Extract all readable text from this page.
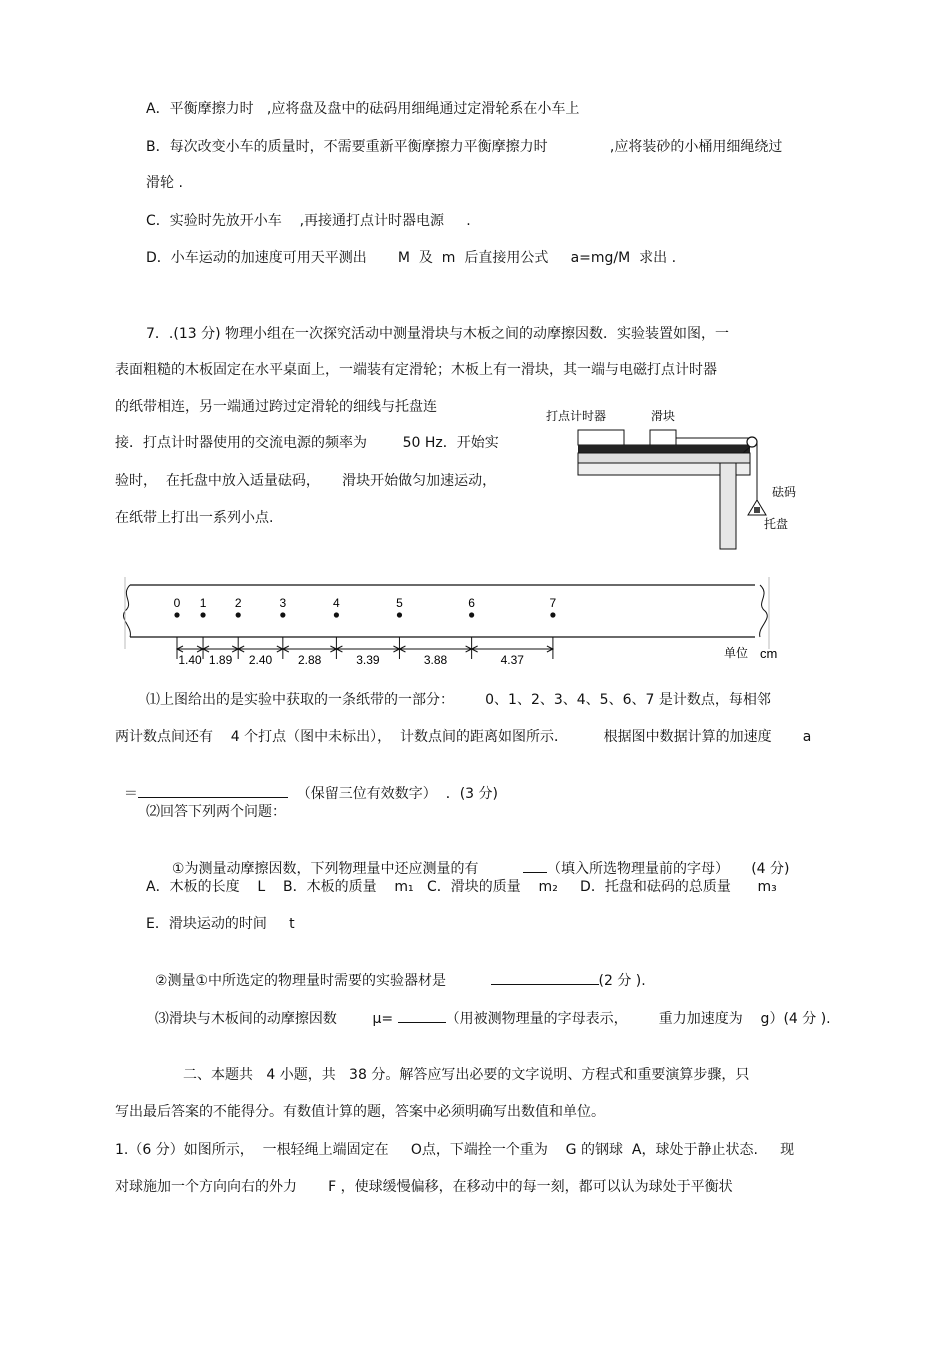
A．平衡摩擦力时   ,应将盘及盘中的砝码用细绳通过定滑轮系在小车上
B．每次改变小车的质量时，不需要重新平衡摩擦力平衡摩擦力时              ,应将装砂的小桶用细绳绕过
滑轮 .
C．实验时先放开小车    ,再接通打点计时器电源     .
D．小车运动的加速度可用天平测出       M  及  m  后直接用公式     a=mg/M  求出 .
7．.(13 分) 物理小组在一次探究活动中测量滑块与木板之间的动摩擦因数．实验装置如图，一
表面粗糙的木板固定在水平桌面上，一端装有定滑轮；木板上有一滑块，其一端与电磁打点计时器
的纸带相连，另一端通过跨过定滑轮的细线与托盘连
接．打点计时器使用的交流电源的频率为        50 Hz．开始实
验时，  在托盘中放入适量砝码，     滑块开始做匀加速运动，
在纸带上打出一系列小点.
打点计时器	滑块
砝码
托盘
0 1 2	3	4	5	6	7
1.40 1.89 2.40 2.88	3.39	3.88	4.37	单位 cm
⑴上图给出的是实验中获取的一条纸带的一部分：       0、1、2、3、4、5、6、7 是计数点，每相邻
两计数点间还有    4 个打点（图中未标出），  计数点间的距离如图所示．        根据图中数据计算的加速度       a

＝	（保留三位有效数字）  ．(3 分)

⑵回答下列两个问题：

①为测量动摩擦因数，下列物理量中还应测量的有          （填入所选物理量前的字母）     (4 分)

A．木板的长度    L    B．木板的质量    m₁   C．滑块的质量    m₂     D．托盘和砝码的总质量      m₃
E．滑块运动的时间     t

②测量①中所选定的物理量时需要的实验器材是	(2 分 ).

⑶滑块与木板间的动摩擦因数        μ=	（用被测物理量的字母表示，       重力加速度为    g）(4 分 ).

二、本题共   4 小题，共   38 分。解答应写出必要的文字说明、方程式和重要演算步骤，只
写出最后答案的不能得分。有数值计算的题，答案中必须明确写出数值和单位。
1.（6 分）如图所示，  一根轻绳上端固定在     O点，下端拴一个重为    G 的钢球  A，球处于静止状态.     现
对球施加一个方向向右的外力       F ，使球缓慢偏移，在移动中的每一刻，都可以认为球处于平衡状
